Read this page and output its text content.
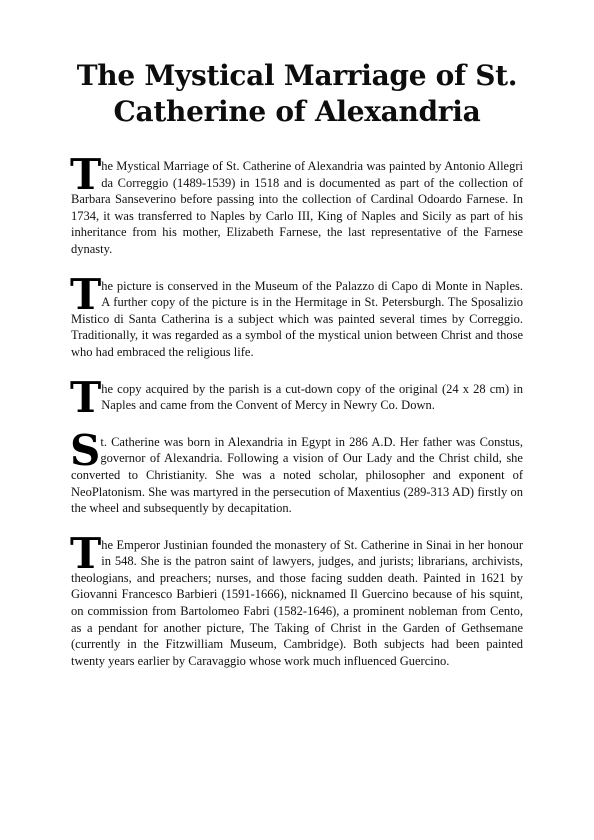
The Mystical Marriage of St. Catherine of Alexandria

The Mystical Marriage of St. Catherine of Alexandria was painted by Antonio Allegri da Correggio (1489-1539) in 1518 and is documented as part of the collection of Barbara Sanseverino before passing into the collection of Cardinal Odoardo Farnese. In 1734, it was transferred to Naples by Carlo III, King of Naples and Sicily as part of his inheritance from his mother, Elizabeth Farnese, the last representative of the Farnese dynasty.

The picture is conserved in the Museum of the Palazzo di Capo di Monte in Naples. A further copy of the picture is in the Hermitage in St. Petersburgh. The Sposalizio Mistico di Santa Catherina is a subject which was painted several times by Correggio. Traditionally, it was regarded as a symbol of the mystical union between Christ and those who had embraced the religious life.

The copy acquired by the parish is a cut-down copy of the original (24 x 28 cm) in Naples and came from the Convent of Mercy in Newry Co. Down.

St. Catherine was born in Alexandria in Egypt in 286 A.D. Her father was Constus, governor of Alexandria. Following a vision of Our Lady and the Christ child, she converted to Christianity. She was a noted scholar, philosopher and exponent of NeoPlatonism. She was martyred in the persecution of Maxentius (289-313 AD) firstly on the wheel and subsequently by decapitation.

The Emperor Justinian founded the monastery of St. Catherine in Sinai in her honour in 548. She is the patron saint of lawyers, judges, and jurists; librarians, archivists, theologians, and preachers; nurses, and those facing sudden death. Painted in 1621 by Giovanni Francesco Barbieri (1591-1666), nicknamed Il Guercino because of his squint, on commission from Bartolomeo Fabri (1582-1646), a prominent nobleman from Cento, as a pendant for another picture, The Taking of Christ in the Garden of Gethsemane (currently in the Fitzwilliam Museum, Cambridge). Both subjects had been painted twenty years earlier by Caravaggio whose work much influenced Guercino.
